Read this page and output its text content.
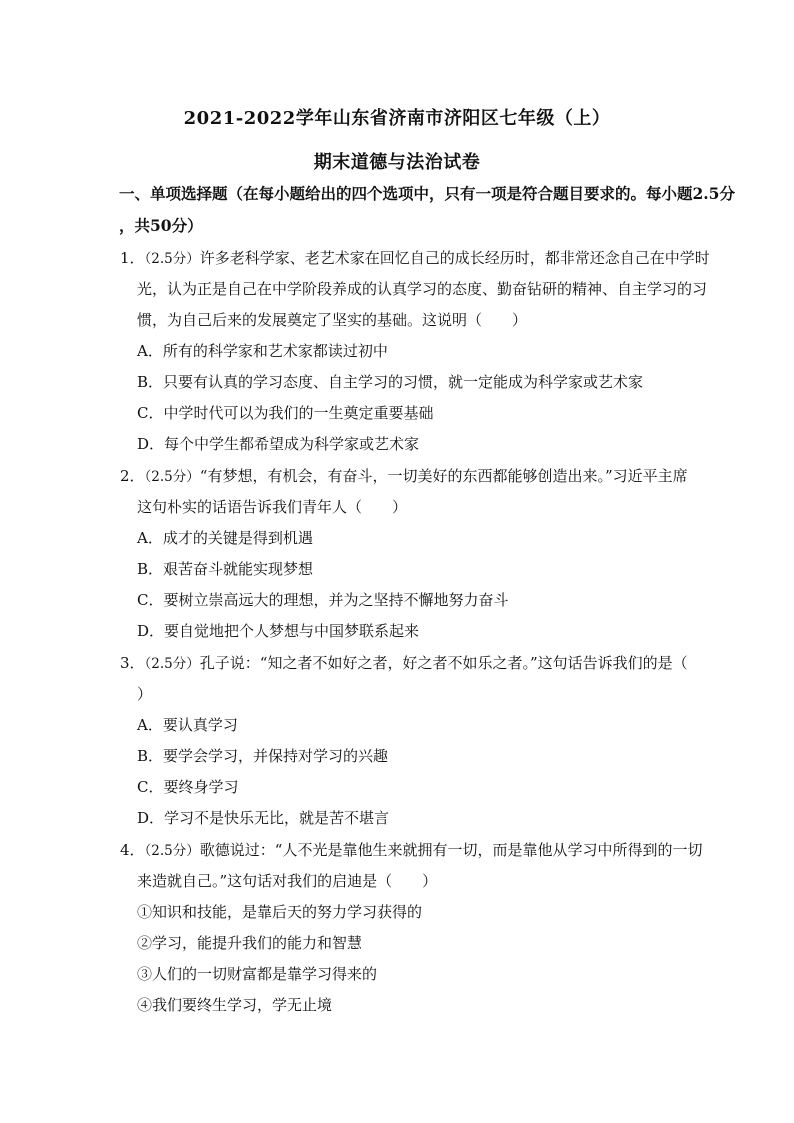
2021-2022学年山东省济南市济阳区七年级（上）
期末道德与法治试卷
一、单项选择题（在每小题给出的四个选项中，只有一项是符合题目要求的。每小题2.5分
，共50分）
1．（2.5分）许多老科学家、老艺术家在回忆自己的成长经历时，都非常还念自己在中学时
光，认为正是自己在中学阶段养成的认真学习的态度、勤奋钻研的精神、自主学习的习
惯，为自己后来的发展奠定了坚实的基础。这说明（　　）
A．所有的科学家和艺术家都读过初中
B．只要有认真的学习态度、自主学习的习惯，就一定能成为科学家或艺术家
C．中学时代可以为我们的一生奠定重要基础
D．每个中学生都希望成为科学家或艺术家
2．（2.5分）“有梦想，有机会，有奋斗，一切美好的东西都能够创造出来。”习近平主席
这句朴实的话语告诉我们青年人（　　）
A．成才的关键是得到机遇
B．艰苦奋斗就能实现梦想
C．要树立崇高远大的理想，并为之坚持不懈地努力奋斗
D．要自觉地把个人梦想与中国梦联系起来
3．（2.5分）孔子说：“知之者不如好之者，好之者不如乐之者。”这句话告诉我们的是（
）
A．要认真学习
B．要学会学习，并保持对学习的兴趣
C．要终身学习
D．学习不是快乐无比，就是苦不堪言
4．（2.5分）歌德说过：“人不光是靠他生来就拥有一切，而是靠他从学习中所得到的一切
来造就自己。”这句话对我们的启迪是（　　）
①知识和技能，是靠后天的努力学习获得的
②学习，能提升我们的能力和智慧
③人们的一切财富都是靠学习得来的
④我们要终生学习，学无止境
